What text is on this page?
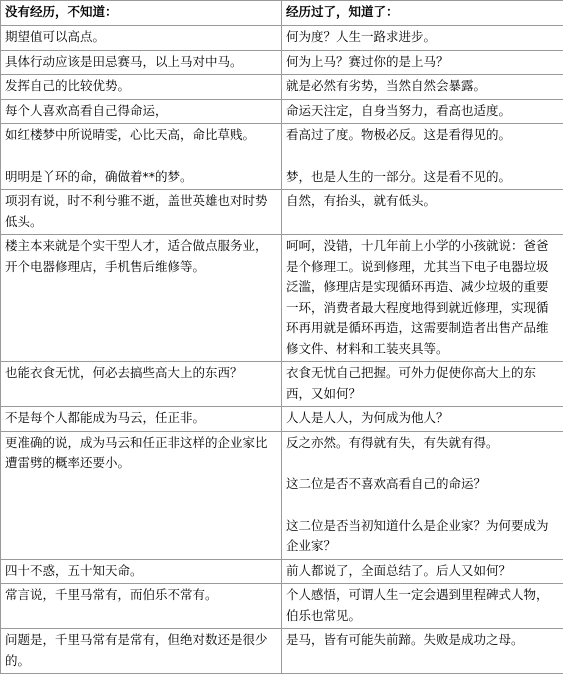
没有经历，不知道：	经历过了，知道了：

期望值可以高点。	何为度？人生一路求进步。

具体行动应该是田忌赛马，以上马对中马。	何为上马？赛过你的是上马？

发挥自己的比较优势。	就是必然有劣势，当然自然会暴露。

每个人喜欢高看自己得命运，	命运天注定，自身当努力，看高也适度。

如红楼梦中所说晴雯，心比天高，命比草贱。
明明是丫环的命，确做着**的梦。	看高过了度。物极必反。这是看得见的。
梦，也是人生的一部分。这是看不见的。

项羽有说，时不利兮骓不逝，盖世英雄也对时势低头。	自然，有抬头，就有低头。

楼主本来就是个实干型人才，适合做点服务业，开个电器修理店，手机售后维修等。	呵呵，没错，十几年前上小学的小孩就说：爸爸是个修理工。说到修理，尤其当下电子电器垃圾泛滥，修理店是实现循环再造、减少垃圾的重要一环，消费者最大程度地得到就近修理，实现循环再用就是循环再造，这需要制造者出售产品维修文件、材料和工装夹具等。

也能衣食无忧，何必去搞些高大上的东西？	衣食无忧自己把握。可外力促使你高大上的东西，又如何？

不是每个人都能成为马云，任正非。	人人是人人，为何成为他人？

更准确的说，成为马云和任正非这样的企业家比遭雷劈的概率还要小。	反之亦然。有得就有失，有失就有得。
这二位是否不喜欢高看自己的命运？
这二位是否当初知道什么是企业家？为何要成为企业家？

四十不惑，五十知天命。	前人都说了，全面总结了。后人又如何？

常言说，千里马常有，而伯乐不常有。	个人感悟，可谓人生一定会遇到里程碑式人物，伯乐也常见。

问题是，千里马常有是常有，但绝对数还是很少的。	是马，皆有可能失前蹄。失败是成功之母。
